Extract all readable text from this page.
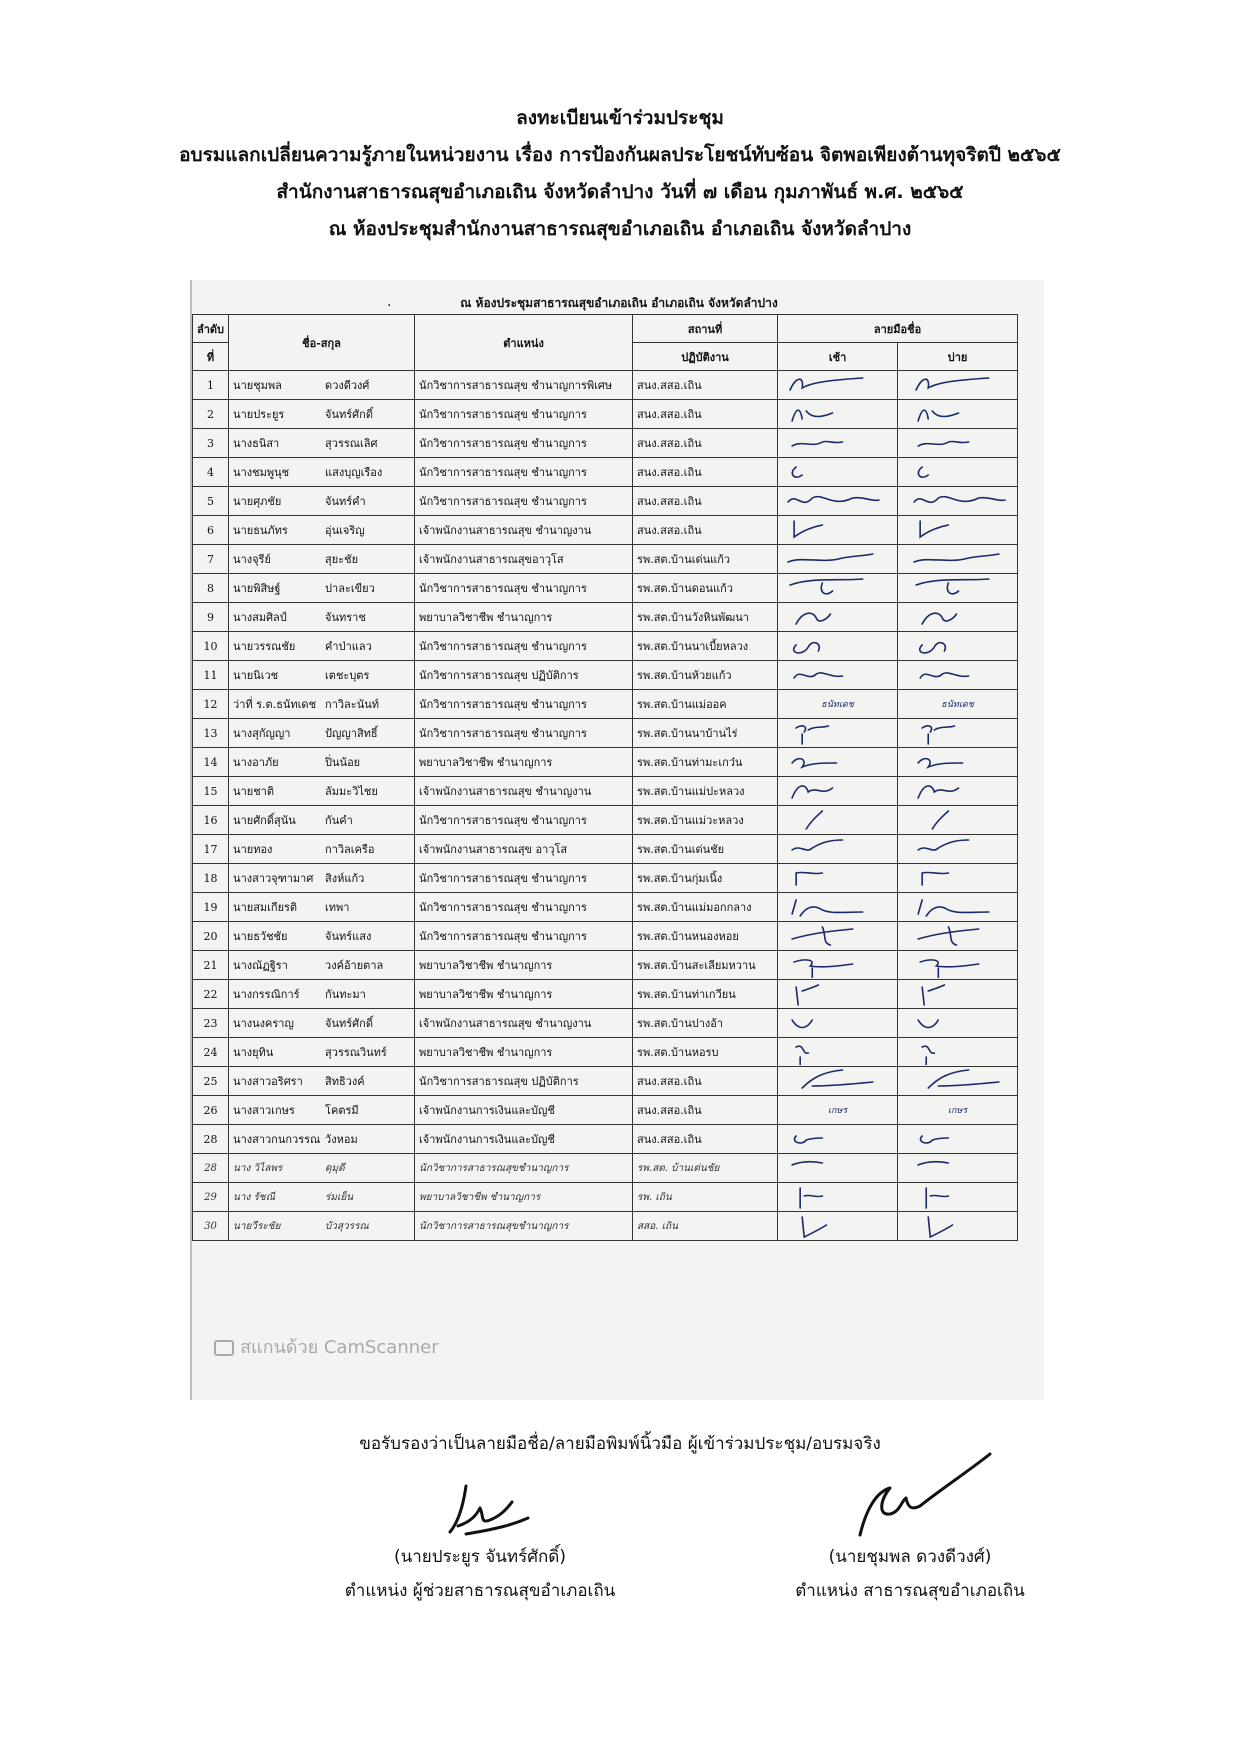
ลงทะเบียนเข้าร่วมประชุม
อบรมแลกเปลี่ยนความรู้ภายในหน่วยงาน เรื่อง การป้องกันผลประโยชน์ทับซ้อน จิตพอเพียงต้านทุจริตปี ๒๕๖๕
สำนักงานสาธารณสุขอำเภอเถิน จังหวัดลำปาง วันที่ ๗ เดือน กุมภาพันธ์ พ.ศ. ๒๕๖๕
ณ ห้องประชุมสำนักงานสาธารณสุขอำเภอเถิน อำเภอเถิน จังหวัดลำปาง
·	ณ ห้องประชุมสาธารณสุขอำเภอเถิน อำเภอเถิน จังหวัดลำปาง
ลำดับ	ชื่อ-สกุล	ตำแหน่ง	สถานที่	ลายมือชื่อ	
ที่			ปฏิบัติงาน	เช้า	บ่าย
1	นายชุมพล ดวงดีวงศ์	นักวิชาการสาธารณสุข ชำนาญการพิเศษ	สนง.สสอ.เถิน	

2	นายประยูร จันทร์ศักดิ์	นักวิชาการสาธารณสุข ชำนาญการ	สนง.สสอ.เถิน	

3	นางธนิสา สุวรรณเลิศ	นักวิชาการสาธารณสุข ชำนาญการ	สนง.สสอ.เถิน	

4	นางชมพูนุช แสงบุญเรือง	นักวิชาการสาธารณสุข ชำนาญการ	สนง.สสอ.เถิน	

5	นายศุภชัย จันทร์คำ	นักวิชาการสาธารณสุข ชำนาญการ	สนง.สสอ.เถิน	

6	นายธนภัทร อุ่นเจริญ	เจ้าพนักงานสาธารณสุข ชำนาญงาน	สนง.สสอ.เถิน	

7	นางจุรีย์ สุยะชัย	เจ้าพนักงานสาธารณสุขอาวุโส	รพ.สต.บ้านเด่นแก้ว	

8	นายพิสิษฐ์ ปาละเขียว	นักวิชาการสาธารณสุข ชำนาญการ	รพ.สต.บ้านดอนแก้ว	

9	นางสมศิลป์ จันทราช	พยาบาลวิชาชีพ ชำนาญการ	รพ.สต.บ้านวังหินพัฒนา	

10	นายวรรณชัย คำป่าแลว	นักวิชาการสาธารณสุข ชำนาญการ	รพ.สต.บ้านนาเบี้ยหลวง	

11	นายนิเวช เตชะบุตร	นักวิชาการสาธารณสุข ปฏิบัติการ	รพ.สต.บ้านห้วยแก้ว	

12	ว่าที่ ร.ต.ธนัทเดช กาวิละนันท์	นักวิชาการสาธารณสุข ชำนาญการ	รพ.สต.บ้านแม่ออค	ธนัทเดช	ธนัทเดช

13	นางสุกัญญา ปัญญาสิทธิ์	นักวิชาการสาธารณสุข ชำนาญการ	รพ.สต.บ้านนาบ้านไร่	

14	นางอาภัย ปิ่นน้อย	พยาบาลวิชาชีพ ชำนาญการ	รพ.สต.บ้านท่ามะเกว๋น	

15	นายชาติ ลัมมะวิไชย	เจ้าพนักงานสาธารณสุข ชำนาญงาน	รพ.สต.บ้านแม่ปะหลวง	

16	นายศักดิ์สุนัน กันคำ	นักวิชาการสาธารณสุข ชำนาญการ	รพ.สต.บ้านแม่วะหลวง	

17	นายทอง กาวิลเครือ	เจ้าพนักงานสาธารณสุข อาวุโส	รพ.สต.บ้านเด่นชัย	

18	นางสาวจุฑามาศ สิงห์แก้ว	นักวิชาการสาธารณสุข ชำนาญการ	รพ.สต.บ้านกุ่มเนิ้ง	

19	นายสมเกียรติ เทพา	นักวิชาการสาธารณสุข ชำนาญการ	รพ.สต.บ้านแม่มอกกลาง	

20	นายธวัชชัย จันทร์แสง	นักวิชาการสาธารณสุข ชำนาญการ	รพ.สต.บ้านหนองหอย	

21	นางณัฏฐิรา วงค์อ้ายตาล	พยาบาลวิชาชีพ ชำนาญการ	รพ.สต.บ้านสะเลียมหวาน	

22	นางกรรณิการ์ กันทะมา	พยาบาลวิชาชีพ ชำนาญการ	รพ.สต.บ้านท่าเกวียน	

23	นางนงคราญ จันทร์ศักดิ์	เจ้าพนักงานสาธารณสุข ชำนาญงาน	รพ.สต.บ้านปางอ้า	

24	นางยุทิน สุวรรณวินทร์	พยาบาลวิชาชีพ ชำนาญการ	รพ.สต.บ้านหอรบ	

25	นางสาวอริศรา สิทธิวงค์	นักวิชาการสาธารณสุข ปฏิบัติการ	สนง.สสอ.เถิน	

26	นางสาวเกษร โคตรมี	เจ้าพนักงานการเงินและบัญชี	สนง.สสอ.เถิน	เกษร	เกษร

28	นางสาวกนกวรรณ วังหอม	เจ้าพนักงานการเงินและบัญชี	สนง.สสอ.เถิน	

28	นาง วิไลพร ดุมุดี	นักวิชาการสาธารณสุขชำนาญการ	รพ.สต. บ้านเด่นชัย	

29	นาง รัชณี ร่มเย็น	พยาบาลวิชาชีพ ชำนาญการ	รพ. เถิน	

30	นายวีระชัย บัวสุวรรณ	นักวิชาการสาธารณสุขชำนาญการ	สสอ. เถิน	

สแกนด้วย CamScanner
ขอรับรองว่าเป็นลายมือชื่อ/ลายมือพิมพ์นิ้วมือ ผู้เข้าร่วมประชุม/อบรมจริง
(นายประยูร จันทร์ศักดิ์)
ตำแหน่ง ผู้ช่วยสาธารณสุขอำเภอเถิน
(นายชุมพล ดวงดีวงศ์)
ตำแหน่ง สาธารณสุขอำเภอเถิน
